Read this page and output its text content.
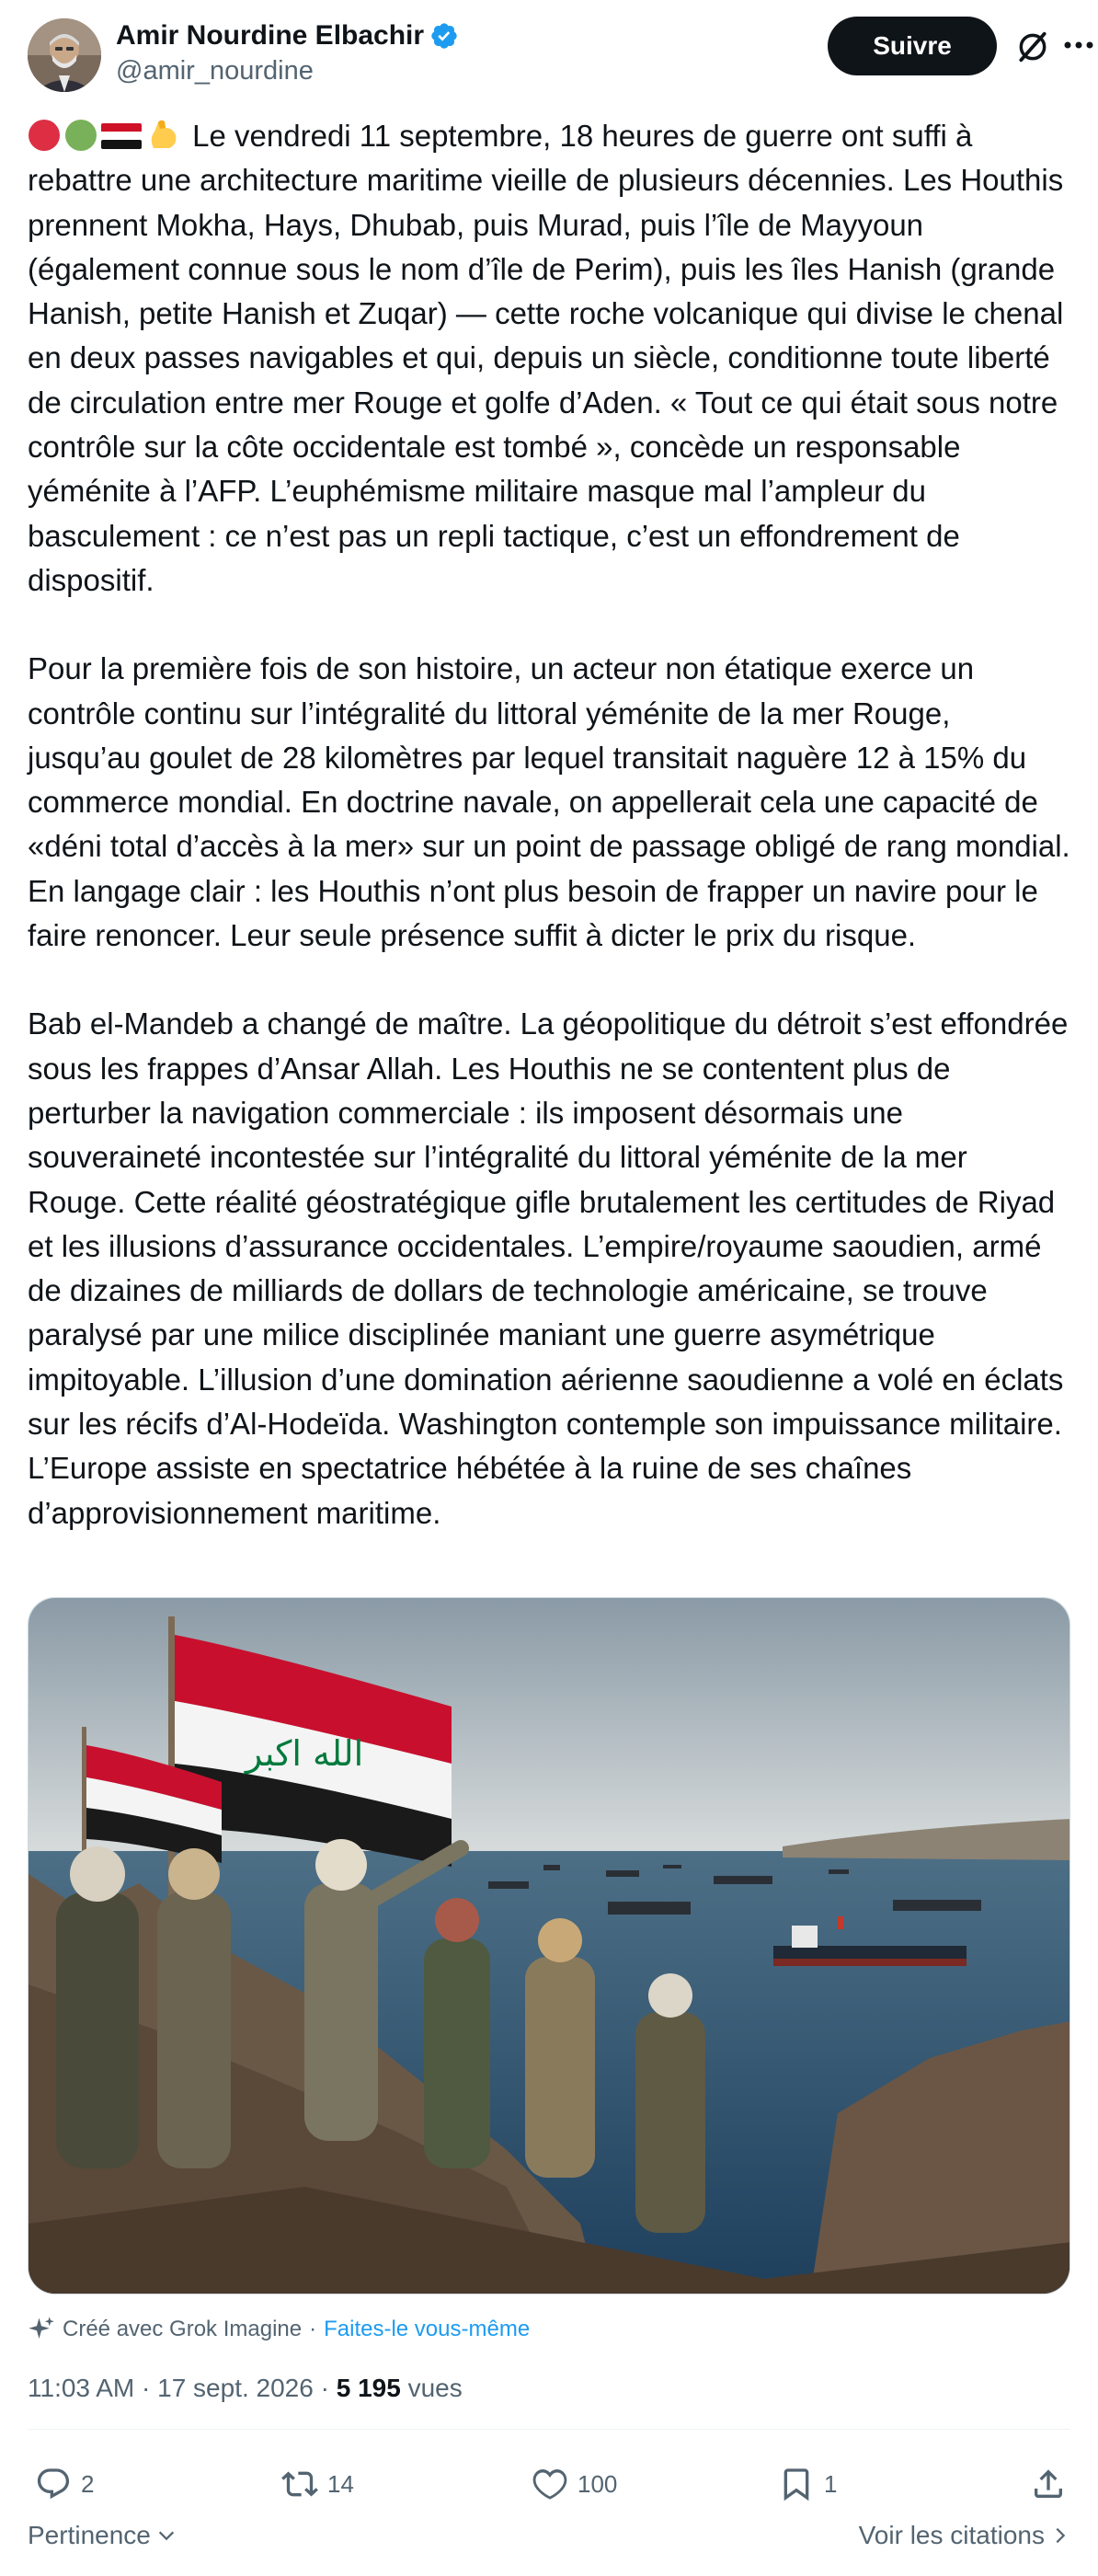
Amir Nourdine Elbachir
@amir_nourdine
Suivre

Le vendredi 11 septembre, 18 heures de guerre ont suffi à rebattre une architecture maritime vieille de plusieurs décennies. Les Houthis prennent Mokha, Hays, Dhubab, puis Murad, puis l’île de Mayyoun (également connue sous le nom d’île de Perim), puis les îles Hanish (grande Hanish, petite Hanish et Zuqar) — cette roche volcanique qui divise le chenal en deux passes navigables et qui, depuis un siècle, conditionne toute liberté de circulation entre mer Rouge et golfe d’Aden. « Tout ce qui était sous notre contrôle sur la côte occidentale est tombé », concède un responsable yéménite à l’AFP. L’euphémisme militaire masque mal l’ampleur du basculement : ce n’est pas un repli tactique, c’est un effondrement de dispositif.

Pour la première fois de son histoire, un acteur non étatique exerce un contrôle continu sur l’intégralité du littoral yéménite de la mer Rouge, jusqu’au goulet de 28 kilomètres par lequel transitait naguère 12 à 15% du commerce mondial. En doctrine navale, on appellerait cela une capacité de «déni total d’accès à la mer» sur un point de passage obligé de rang mondial. En langage clair : les Houthis n’ont plus besoin de frapper un navire pour le faire renoncer. Leur seule présence suffit à dicter le prix du risque.

Bab el-Mandeb a changé de maître. La géopolitique du détroit s’est effondrée sous les frappes d’Ansar Allah. Les Houthis ne se contentent plus de perturber la navigation commerciale : ils imposent désormais une souveraineté incontestée sur l’intégralité du littoral yéménite de la mer Rouge. Cette réalité géostratégique gifle brutalement les certitudes de Riyad et les illusions d’assurance occidentales. L’empire/royaume saoudien, armé de dizaines de milliards de dollars de technologie américaine, se trouve paralysé par une milice disciplinée maniant une guerre asymétrique impitoyable. L’illusion d’une domination aérienne saoudienne a volé en éclats sur les récifs d’Al-Hodeïda. Washington contemple son impuissance militaire. L’Europe assiste en spectatrice hébétée à la ruine de ses chaînes d’approvisionnement maritime.

الله اكبر
Créé avec Grok Imagine · Faites-le vous-même
11:03 AM · 17 sept. 2026 · 5 195 vues
2	14	100	1
Pertinence	Voir les citations
